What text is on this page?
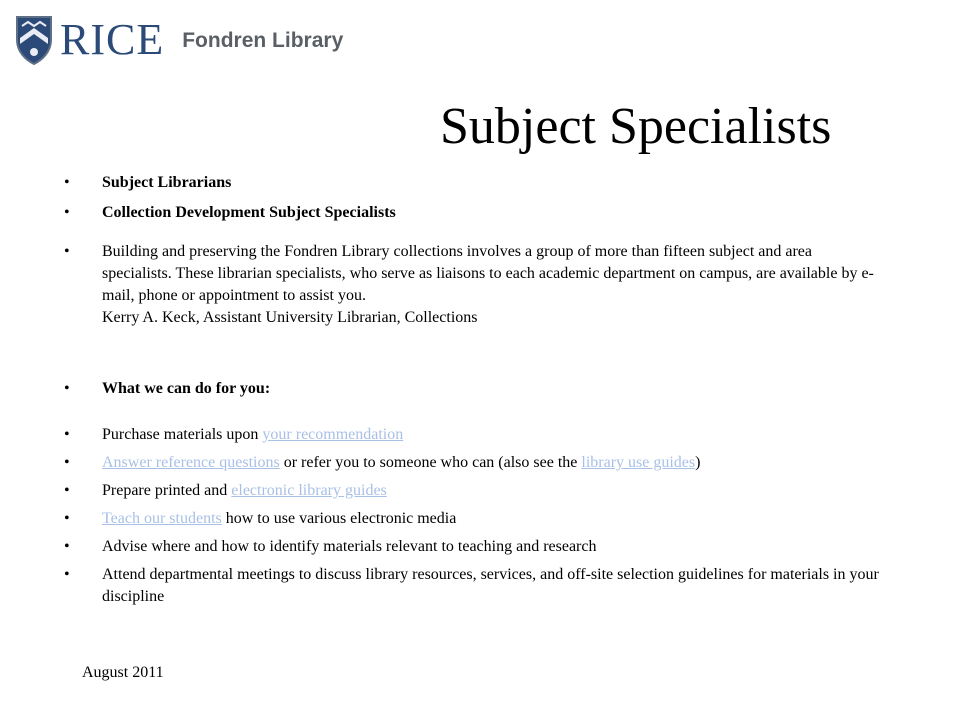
RICE Fondren Library
Subject Specialists
• Subject Librarians
• Collection Development Subject Specialists
• Building and preserving the Fondren Library collections involves a group of more than fifteen subject and area specialists. These librarian specialists, who serve as liaisons to each academic department on campus, are available by e-mail, phone or appointment to assist you.
Kerry A. Keck, Assistant University Librarian, Collections
• What we can do for you:
• Purchase materials upon your recommendation
• Answer reference questions or refer you to someone who can (also see the library use guides)
• Prepare printed and electronic library guides
• Teach our students how to use various electronic media
• Advise where and how to identify materials relevant to teaching and research
• Attend departmental meetings to discuss library resources, services, and off-site selection guidelines for materials in your discipline
August 2011
